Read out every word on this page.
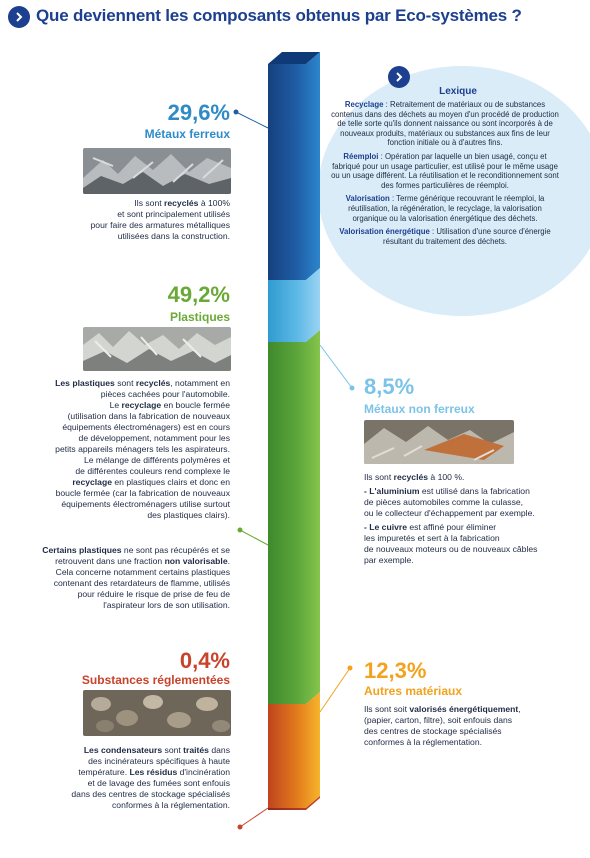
Que deviennent les composants obtenus par Eco-systèmes ?
Lexique

Recyclage : Retraitement de matériaux ou de substances contenus dans des déchets au moyen d'un procédé de production de telle sorte qu'ils donnent naissance ou sont incorporés à de nouveaux produits, matériaux ou substances aux fins de leur fonction initiale ou à d'autres fins.

Réemploi : Opération par laquelle un bien usagé, conçu et fabriqué pour un usage particulier, est utilisé pour le même usage ou un usage différent. La réutilisation et le reconditionnement sont des formes particulières de réemploi.

Valorisation : Terme générique recouvrant le réemploi, la réutilisation, la régénération, le recyclage, la valorisation organique ou la valorisation énergétique des déchets.

Valorisation énergétique : Utilisation d'une source d'énergie résultant du traitement des déchets.

29,6%
Métaux ferreux
Ils sont recyclés à 100%
et sont principalement utilisés
pour faire des armatures métalliques
utilisées dans la construction.
49,2%
Plastiques
Les plastiques sont recyclés, notamment en
pièces cachées pour l'automobile.
Le recyclage en boucle fermée
(utilisation dans la fabrication de nouveaux
équipements électroménagers) est en cours
de développement, notamment pour les
petits appareils ménagers tels les aspirateurs.
Le mélange de différents polymères et
de différentes couleurs rend complexe le
recyclage en plastiques clairs et donc en
boucle fermée (car la fabrication de nouveaux
équipements électroménagers utilise surtout
des plastiques clairs).
Certains plastiques ne sont pas récupérés et se
retrouvent dans une fraction non valorisable.
Cela concerne notamment certains plastiques
contenant des retardateurs de flamme, utilisés
pour réduire le risque de prise de feu de
l'aspirateur lors de son utilisation.
0,4%
Substances réglementées
Les condensateurs sont traités dans
des incinérateurs spécifiques à haute
température. Les résidus d'incinération
et de lavage des fumées sont enfouis
dans des centres de stockage spécialisés
conformes à la réglementation.
8,5%
Métaux non ferreux
Ils sont recyclés à 100 %.
- L'aluminium est utilisé dans la fabrication
de pièces automobiles comme la culasse,
ou le collecteur d'échappement par exemple.
- Le cuivre est affiné pour éliminer
les impuretés et sert à la fabrication
de nouveaux moteurs ou de nouveaux câbles
par exemple.
12,3%
Autres matériaux
Ils sont soit valorisés énergétiquement,
(papier, carton, filtre), soit enfouis dans
des centres de stockage spécialisés
conformes à la réglementation.
